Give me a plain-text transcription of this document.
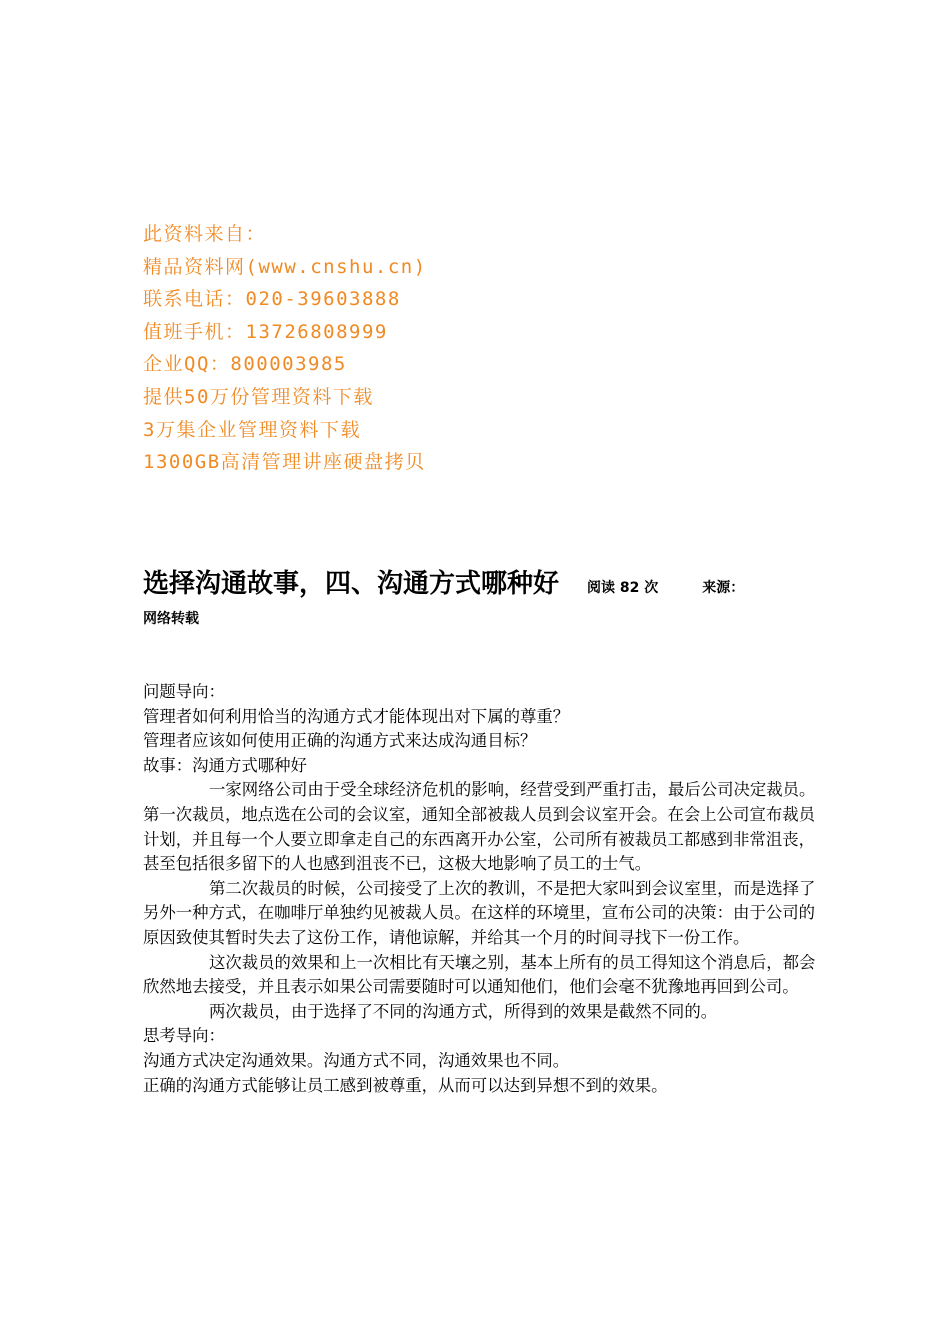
此资料来自：
精品资料网(www.cnshu.cn)
联系电话：020-39603888
值班手机：13726808999
企业QQ：800003985
提供50万份管理资料下载
3万集企业管理资料下载
1300GB高清管理讲座硬盘拷贝
选择沟通故事，四、沟通方式哪种好 阅读 82 次	来源：
网络转载

问题导向：

管理者如何利用恰当的沟通方式才能体现出对下属的尊重？

管理者应该如何使用正确的沟通方式来达成沟通目标？

故事：沟通方式哪种好

一家网络公司由于受全球经济危机的影响，经营受到严重打击，最后公司决定裁员。第一次裁员，地点选在公司的会议室，通知全部被裁人员到会议室开会。在会上公司宣布裁员计划，并且每一个人要立即拿走自己的东西离开办公室，公司所有被裁员工都感到非常沮丧，甚至包括很多留下的人也感到沮丧不已，这极大地影响了员工的士气。

第二次裁员的时候，公司接受了上次的教训，不是把大家叫到会议室里，而是选择了另外一种方式，在咖啡厅单独约见被裁人员。在这样的环境里，宣布公司的决策：由于公司的原因致使其暂时失去了这份工作，请他谅解，并给其一个月的时间寻找下一份工作。

这次裁员的效果和上一次相比有天壤之别，基本上所有的员工得知这个消息后，都会欣然地去接受，并且表示如果公司需要随时可以通知他们，他们会毫不犹豫地再回到公司。

两次裁员，由于选择了不同的沟通方式，所得到的效果是截然不同的。

思考导向：

沟通方式决定沟通效果。沟通方式不同，沟通效果也不同。

正确的沟通方式能够让员工感到被尊重，从而可以达到异想不到的效果。
